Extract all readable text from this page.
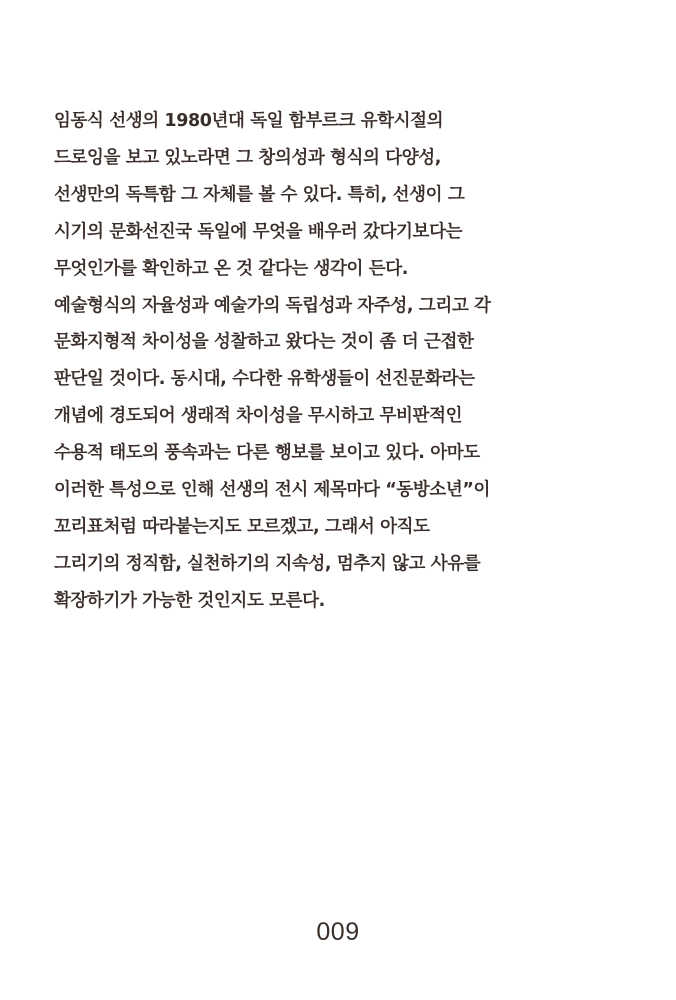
임동식 선생의 1980년대 독일 함부르크 유학시절의
드로잉을 보고 있노라면 그 창의성과 형식의 다양성,
선생만의 독특함 그 자체를 볼 수 있다. 특히, 선생이 그
시기의 문화선진국 독일에 무엇을 배우러 갔다기보다는
무엇인가를 확인하고 온 것 같다는 생각이 든다.
예술형식의 자율성과 예술가의 독립성과 자주성, 그리고 각
문화지형적 차이성을 성찰하고 왔다는 것이 좀 더 근접한
판단일 것이다. 동시대, 수다한 유학생들이 선진문화라는
개념에 경도되어 생래적 차이성을 무시하고 무비판적인
수용적 태도의 풍속과는 다른 행보를 보이고 있다. 아마도
이러한 특성으로 인해 선생의 전시 제목마다 “동방소년”이
꼬리표처럼 따라붙는지도 모르겠고, 그래서 아직도
그리기의 정직함, 실천하기의 지속성, 멈추지 않고 사유를
확장하기가 가능한 것인지도 모른다.
009
